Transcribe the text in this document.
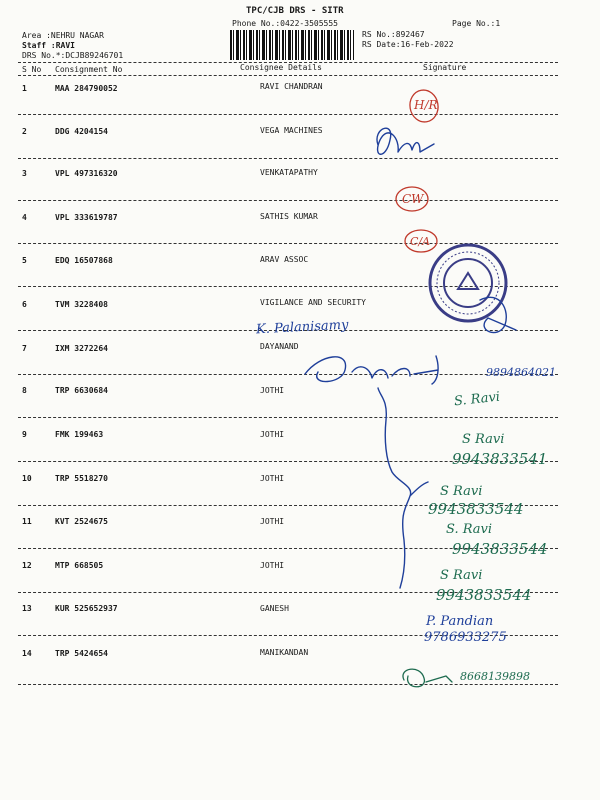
TPC/CJB DRS - SITR
Phone No.:0422-3505555	Page No.:1
Area :NEHRU NAGAR
Staff :RAVI
DRS No.*:DCJB89246701
RS No.:892467
RS Date:16-Feb-2022
S No Consignment No	Consignee Details	Signature
1	MAA 284790052	RAVI CHANDRAN
2	DDG 4204154	VEGA MACHINES
3	VPL 497316320	VENKATAPATHY
4	VPL 333619787	SATHIS KUMAR
5	EDQ 16507868	ARAV ASSOC
6	TVM 3228408	VIGILANCE AND SECURITY
7	IXM 3272264	DAYANAND
8	TRP 6630684	JOTHI
9	FMK 199463	JOTHI
10	TRP 5518270	JOTHI
11	KVT 2524675	JOTHI
12	MTP 668505	JOTHI
13	KUR 525652937	GANESH
14	TRP 5424654	MANIKANDAN
H/R
CW
C/A
K. Palanisamy
9894864021
S. Ravi
S Ravi
9943833541
S Ravi
9943833544
S. Ravi
9943833544
S Ravi
9943833544
P. Pandian
9786933275
8668139898
